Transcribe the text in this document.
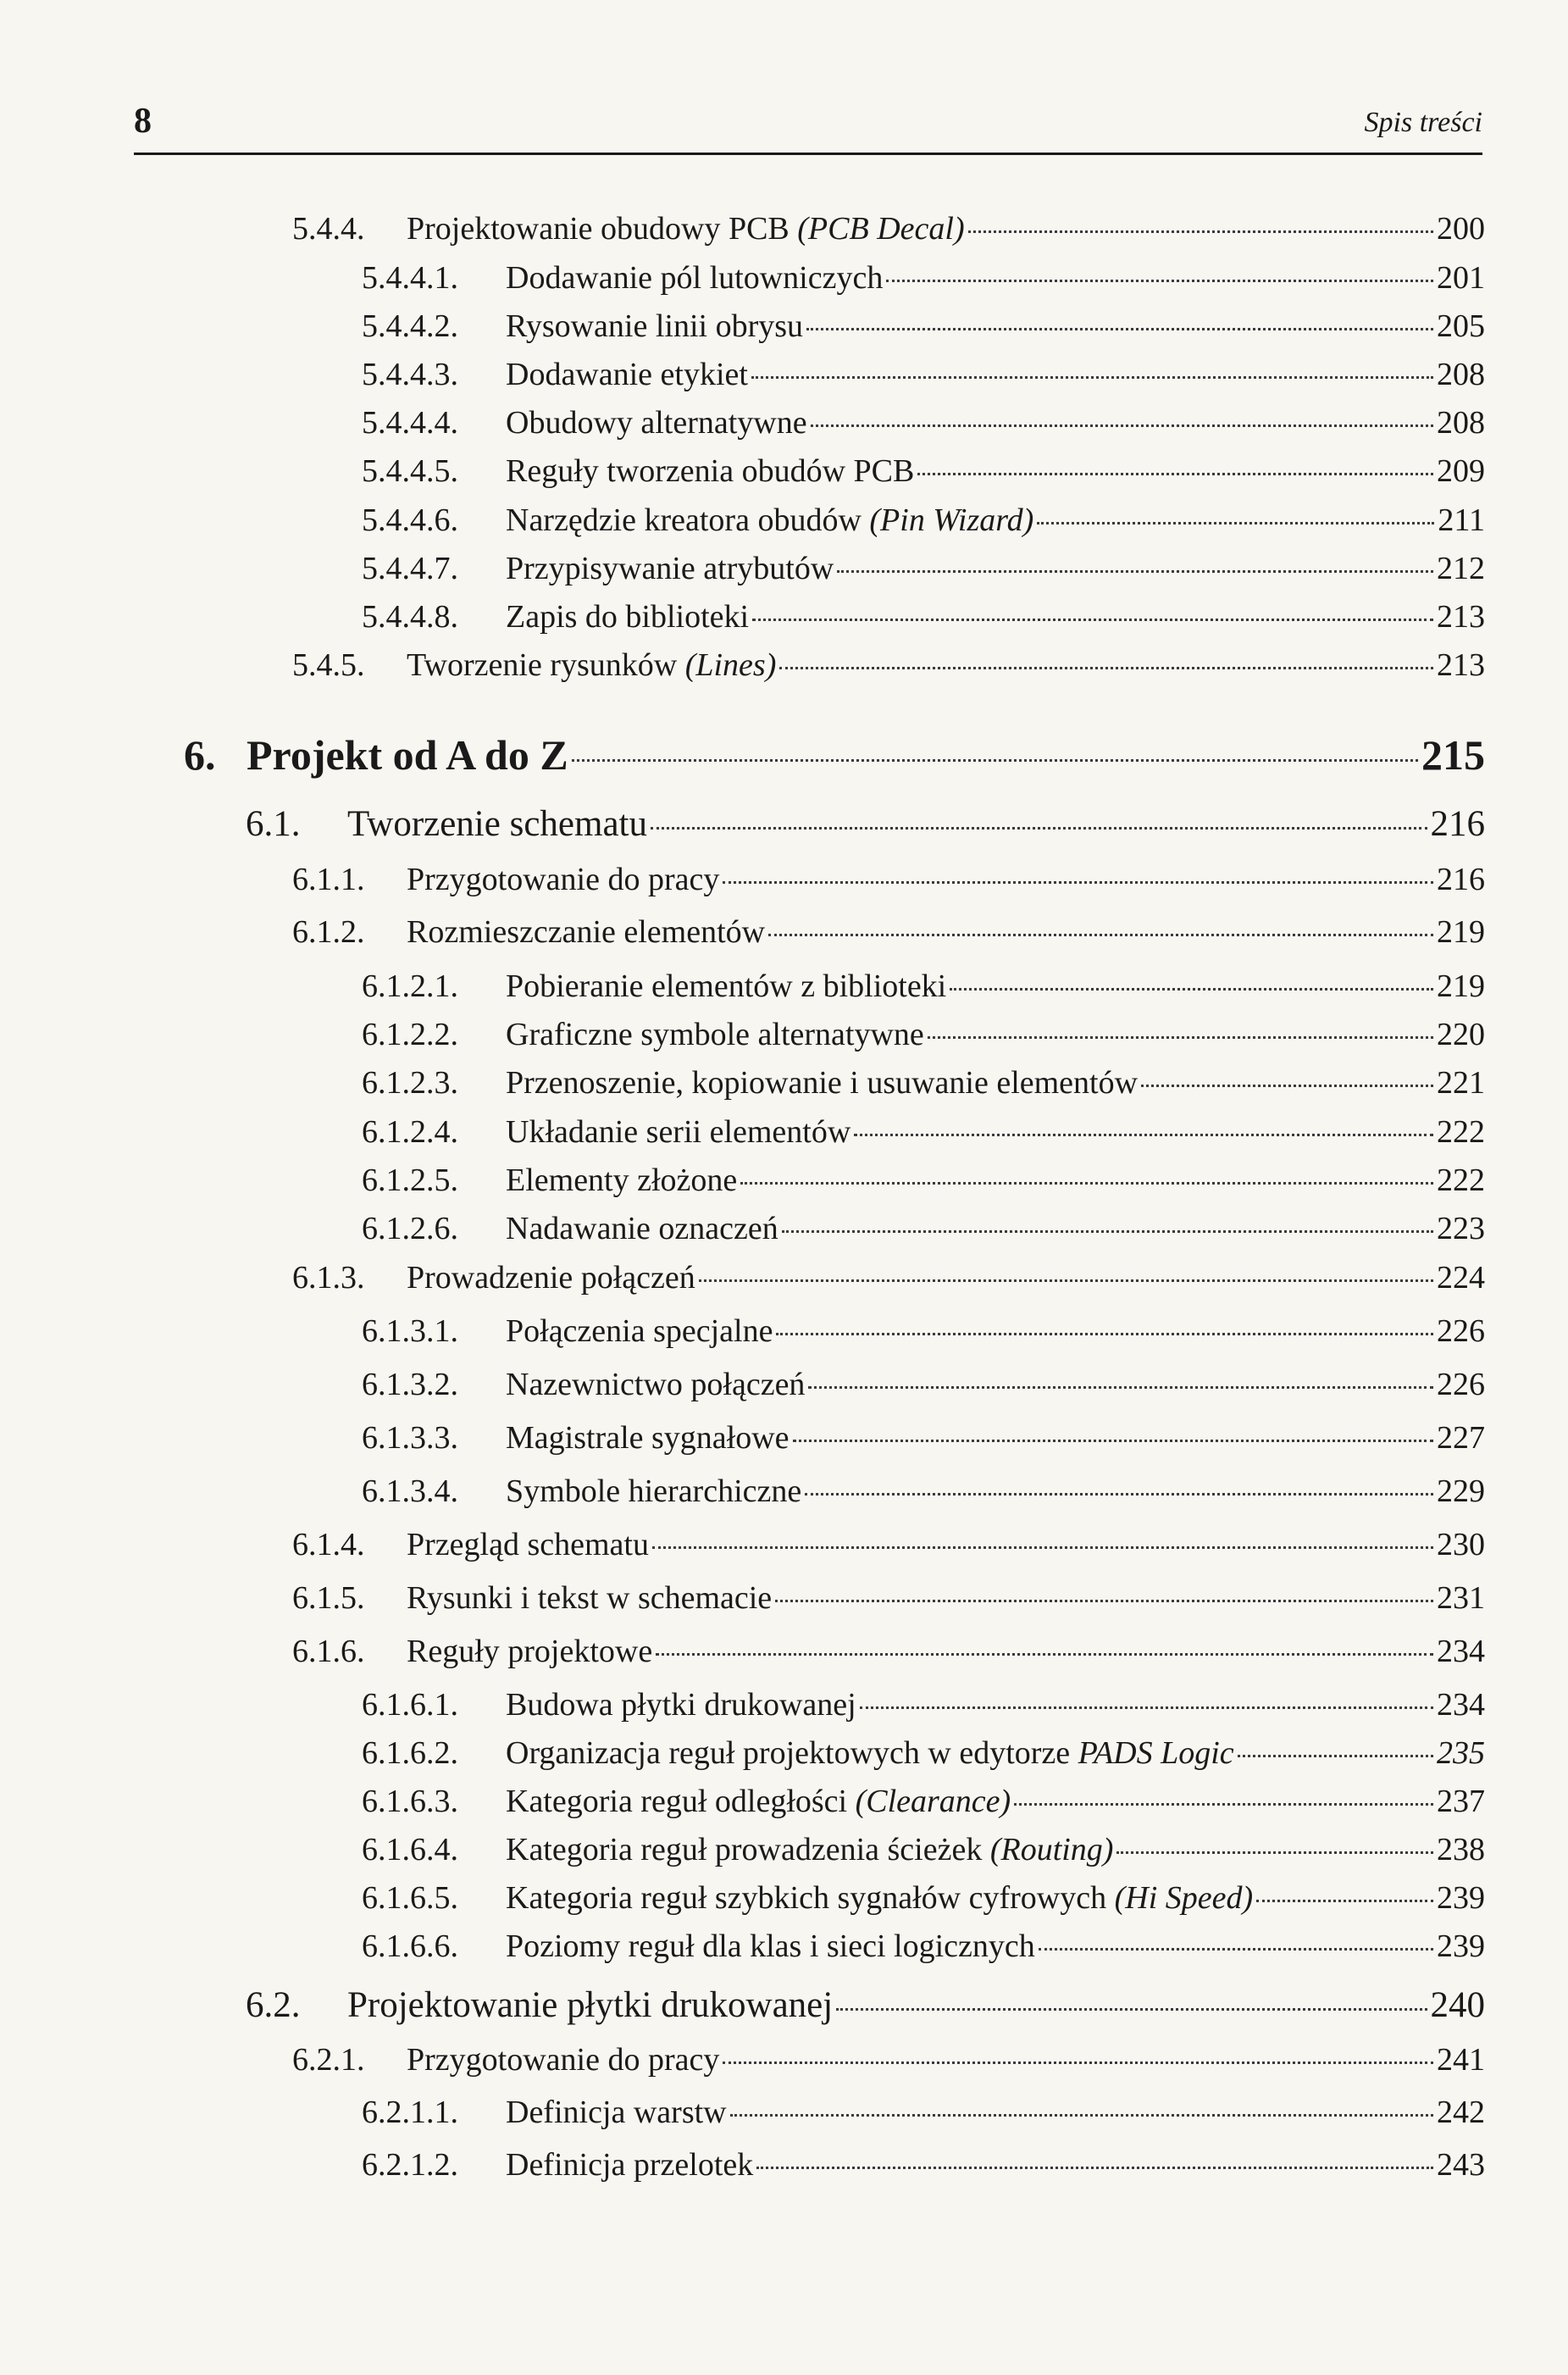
8	Spis treści
5.4.4.	Projektowanie obudowy PCB (PCB Decal)	200
5.4.4.1.	Dodawanie pól lutowniczych	201
5.4.4.2.	Rysowanie linii obrysu	205
5.4.4.3.	Dodawanie etykiet	208
5.4.4.4.	Obudowy alternatywne	208
5.4.4.5.	Reguły tworzenia obudów PCB	209
5.4.4.6.	Narzędzie kreatora obudów (Pin Wizard)	211
5.4.4.7.	Przypisywanie atrybutów	212
5.4.4.8.	Zapis do biblioteki	213
5.4.5.	Tworzenie rysunków (Lines)	213
6. Projekt od A do Z	215
6.1.	Tworzenie schematu	216
6.1.1.	Przygotowanie do pracy	216
6.1.2.	Rozmieszczanie elementów	219
6.1.2.1.	Pobieranie elementów z biblioteki	219
6.1.2.2.	Graficzne symbole alternatywne	220
6.1.2.3.	Przenoszenie, kopiowanie i usuwanie elementów	221
6.1.2.4.	Układanie serii elementów	222
6.1.2.5.	Elementy złożone	222
6.1.2.6.	Nadawanie oznaczeń	223
6.1.3.	Prowadzenie połączeń	224
6.1.3.1.	Połączenia specjalne	226
6.1.3.2.	Nazewnictwo połączeń	226
6.1.3.3.	Magistrale sygnałowe	227
6.1.3.4.	Symbole hierarchiczne	229
6.1.4.	Przegląd schematu	230
6.1.5.	Rysunki i tekst w schemacie	231
6.1.6.	Reguły projektowe	234
6.1.6.1.	Budowa płytki drukowanej	234
6.1.6.2.	Organizacja reguł projektowych w edytorze PADS Logic	235
6.1.6.3.	Kategoria reguł odległości (Clearance)	237
6.1.6.4.	Kategoria reguł prowadzenia ścieżek (Routing)	238
6.1.6.5.	Kategoria reguł szybkich sygnałów cyfrowych (Hi Speed)	239
6.1.6.6.	Poziomy reguł dla klas i sieci logicznych	239
6.2.	Projektowanie płytki drukowanej	240
6.2.1.	Przygotowanie do pracy	241
6.2.1.1.	Definicja warstw	242
6.2.1.2.	Definicja przelotek	243
